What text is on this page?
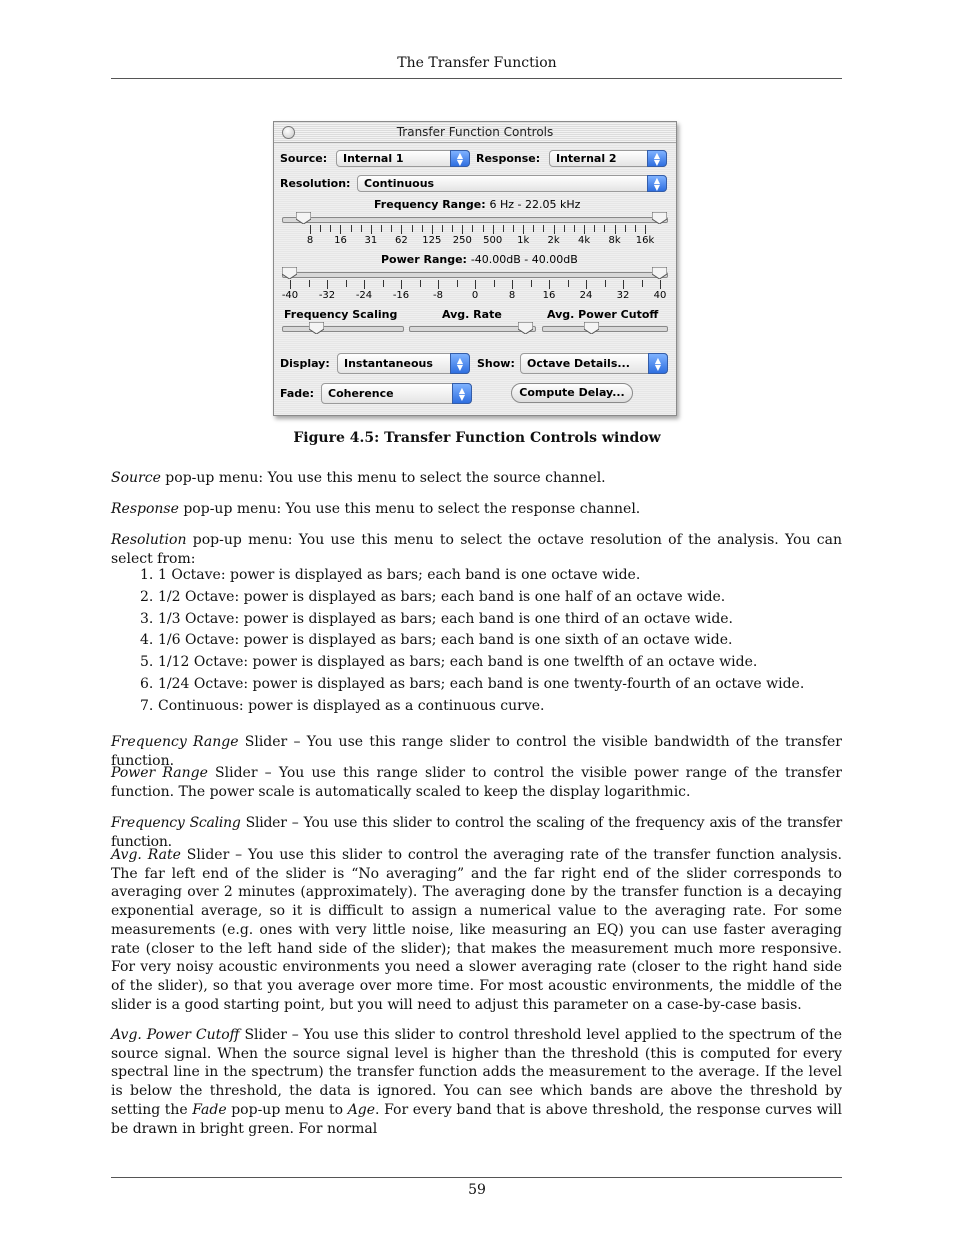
The Transfer Function
Transfer Function Controls
Source: Internal 1	▲
▼	Response: Internal 2	▲
▼
Resolution: Continuous	▲
▼
Frequency Range: 6 Hz - 22.05 kHz
8 16 31 62 125 250 500 1k 2k 4k 8k 16k
Power Range: -40.00dB - 40.00dB
-40 -32 -24 -16 -8	0	8	16 24 32 40
Frequency Scaling	Avg. Rate	Avg. Power Cutoff
Display: Instantaneous	▲
▼	Show: Octave Details...	▲
▼
Fade: Coherence	▲
▼	Compute Delay...
Figure 4.5: Transfer Function Controls window
Source pop-up menu: You use this menu to select the source channel.
Response pop-up menu: You use this menu to select the response channel.
Resolution pop-up menu: You use this menu to select the octave resolution of the analysis. You can select from:
1. 1 Octave: power is displayed as bars; each band is one octave wide.
2. 1/2 Octave: power is displayed as bars; each band is one half of an octave wide.
3. 1/3 Octave: power is displayed as bars; each band is one third of an octave wide.
4. 1/6 Octave: power is displayed as bars; each band is one sixth of an octave wide.
5. 1/12 Octave: power is displayed as bars; each band is one twelfth of an octave wide.
6. 1/24 Octave: power is displayed as bars; each band is one twenty-fourth of an octave wide.
7. Continuous: power is displayed as a continuous curve.
Frequency Range Slider – You use this range slider to control the visible bandwidth of the transfer function.
Power Range Slider – You use this range slider to control the visible power range of the transfer function. The power scale is automatically scaled to keep the display logarithmic.
Frequency Scaling Slider – You use this slider to control the scaling of the frequency axis of the transfer function.
Avg. Rate Slider – You use this slider to control the averaging rate of the transfer function analysis. The far left end of the slider is “No averaging” and the far right end of the slider corresponds to averaging over 2 minutes (approximately). The averaging done by the transfer function is a decaying exponential average, so it is difficult to assign a numerical value to the averaging rate. For some measurements (e.g. ones with very little noise, like measuring an EQ) you can use faster averaging rate (closer to the left hand side of the slider); that makes the measurement much more responsive. For very noisy acoustic environments you need a slower averaging rate (closer to the right hand side of the slider), so that you average over more time. For most acoustic environments, the middle of the slider is a good starting point, but you will need to adjust this parameter on a case-by-case basis.
Avg. Power Cutoff Slider – You use this slider to control threshold level applied to the spectrum of the source signal. When the source signal level is higher than the threshold (this is computed for every spectral line in the spectrum) the transfer function adds the measurement to the average. If the level is below the threshold, the data is ignored. You can see which bands are above the threshold by setting the Fade pop-up menu to Age. For every band that is above threshold, the response curves will be drawn in bright green. For normal
59
